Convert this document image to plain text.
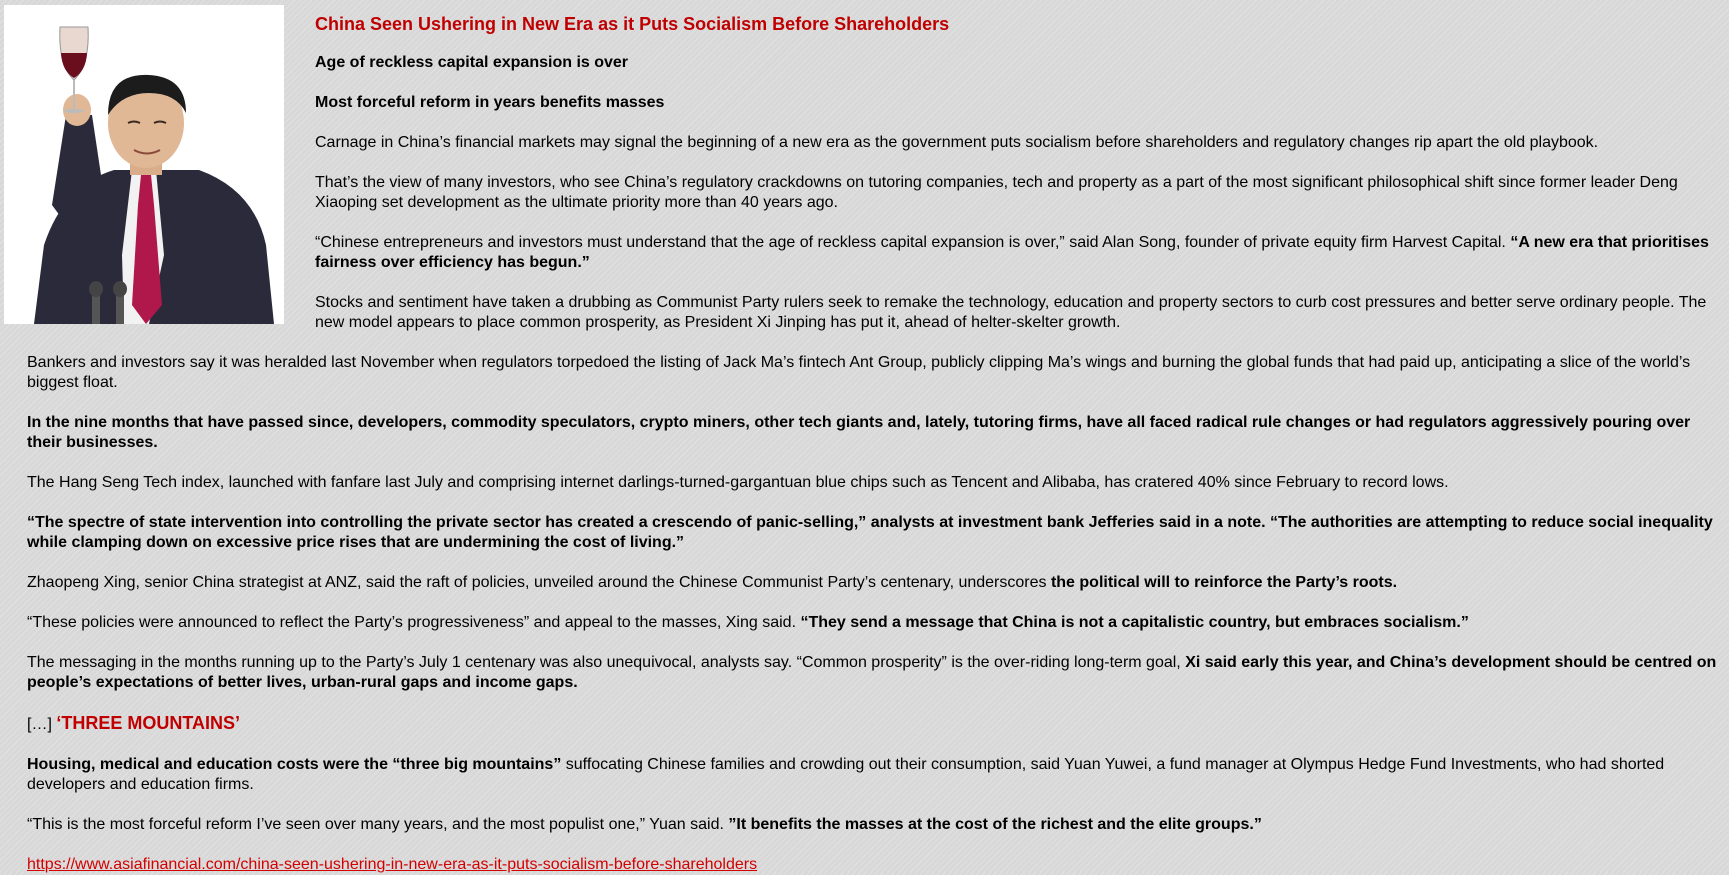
China Seen Ushering in New Era as it Puts Socialism Before Shareholders

Age of reckless capital expansion is over

Most forceful reform in years benefits masses

Carnage in China’s financial markets may signal the beginning of a new era as the government puts socialism before shareholders and regulatory changes rip apart the old playbook.

That’s the view of many investors, who see China’s regulatory crackdowns on tutoring companies, tech and property as a part of the most significant philosophical shift since former leader Deng Xiaoping set development as the ultimate priority more than 40 years ago.

“Chinese entrepreneurs and investors must understand that the age of reckless capital expansion is over,” said Alan Song, founder of private equity firm Harvest Capital. “A new era that prioritises fairness over efficiency has begun.”

Stocks and sentiment have taken a drubbing as Communist Party rulers seek to remake the technology, education and property sectors to curb cost pressures and better serve ordinary people. The new model appears to place common prosperity, as President Xi Jinping has put it, ahead of helter-skelter growth.

Bankers and investors say it was heralded last November when regulators torpedoed the listing of Jack Ma’s fintech Ant Group, publicly clipping Ma’s wings and burning the global funds that had paid up, anticipating a slice of the world’s biggest float.

In the nine months that have passed since, developers, commodity speculators, crypto miners, other tech giants and, lately, tutoring firms, have all faced radical rule changes or had regulators aggressively pouring over their businesses.

The Hang Seng Tech index, launched with fanfare last July and comprising internet darlings-turned-gargantuan blue chips such as Tencent and Alibaba, has cratered 40% since February to record lows.

“The spectre of state intervention into controlling the private sector has created a crescendo of panic-selling,” analysts at investment bank Jefferies said in a note. “The authorities are attempting to reduce social inequality while clamping down on excessive price rises that are undermining the cost of living.”

Zhaopeng Xing, senior China strategist at ANZ, said the raft of policies, unveiled around the Chinese Communist Party’s centenary, underscores the political will to reinforce the Party’s roots.

“These policies were announced to reflect the Party’s progressiveness” and appeal to the masses, Xing said. “They send a message that China is not a capitalistic country, but embraces socialism.”

The messaging in the months running up to the Party’s July 1 centenary was also unequivocal, analysts say. “Common prosperity” is the over-riding long-term goal, Xi said early this year, and China’s development should be centred on people’s expectations of better lives, urban-rural gaps and income gaps.

[…] ‘THREE MOUNTAINS’

Housing, medical and education costs were the “three big mountains” suffocating Chinese families and crowding out their consumption, said Yuan Yuwei, a fund manager at Olympus Hedge Fund Investments, who had shorted developers and education firms.

“This is the most forceful reform I’ve seen over many years, and the most populist one,” Yuan said. ”It benefits the masses at the cost of the richest and the elite groups.”

https://www.asiafinancial.com/china-seen-ushering-in-new-era-as-it-puts-socialism-before-shareholders
